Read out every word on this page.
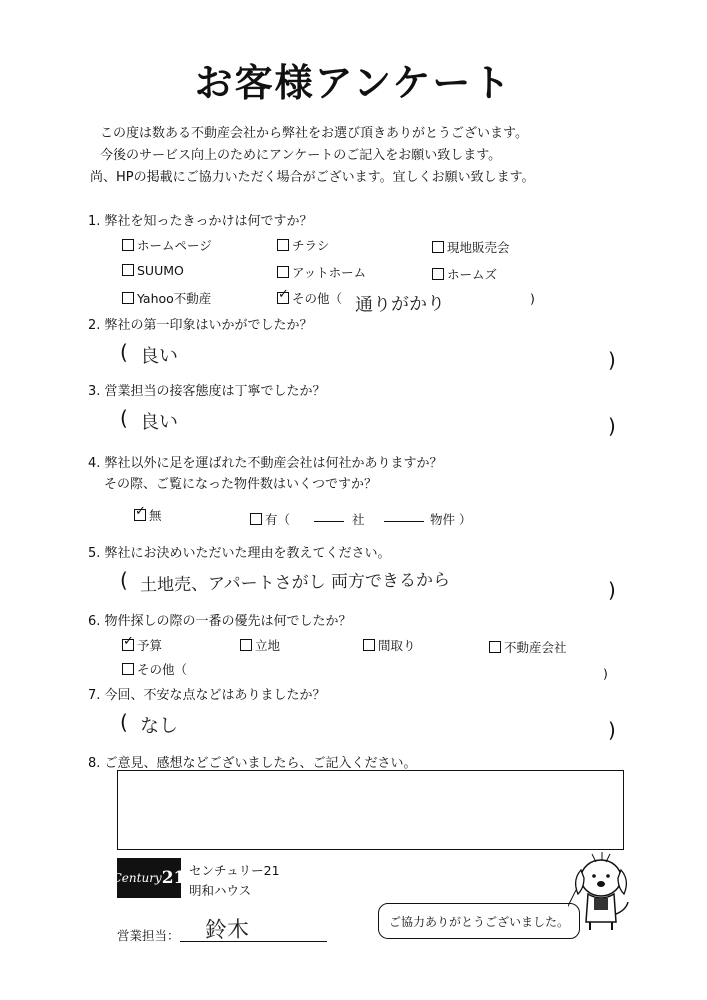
お客様アンケート
この度は数ある不動産会社から弊社をお選び頂きありがとうございます。
今後のサービス向上のためにアンケートのご記入をお願い致します。
尚、HPの掲載にご協力いただく場合がございます。宜しくお願い致します。
1. 弊社を知ったきっかけは何ですか？
ホームページ	チラシ	現地販売会
SUUMO	アットホーム	ホームズ
Yahoo不動産
✓	その他（ 通りがかり	)
2. 弊社の第一印象はいかがでしたか？
( 良い	)
3. 営業担当の接客態度は丁寧でしたか？
( 良い	)
4. 弊社以外に足を運ばれた不動産会社は何社かありますか？
その際、ご覧になった物件数はいくつですか？
✓無	有（	社	物件 ）
5. 弊社にお決めいただいた理由を教えてください。
( 土地売、アパートさがし 両方できるから	)
6. 物件探しの際の一番の優先は何でしたか？
✓予算	立地	間取り	不動産会社
その他（	)
7. 今回、不安な点などはありましたか？
( なし	)
8. ご意見、感想などございましたら、ご記入ください。
Century 21 センチュリー21
明和ハウス
営業担当： 鈴木	ご協力ありがとうございました。
